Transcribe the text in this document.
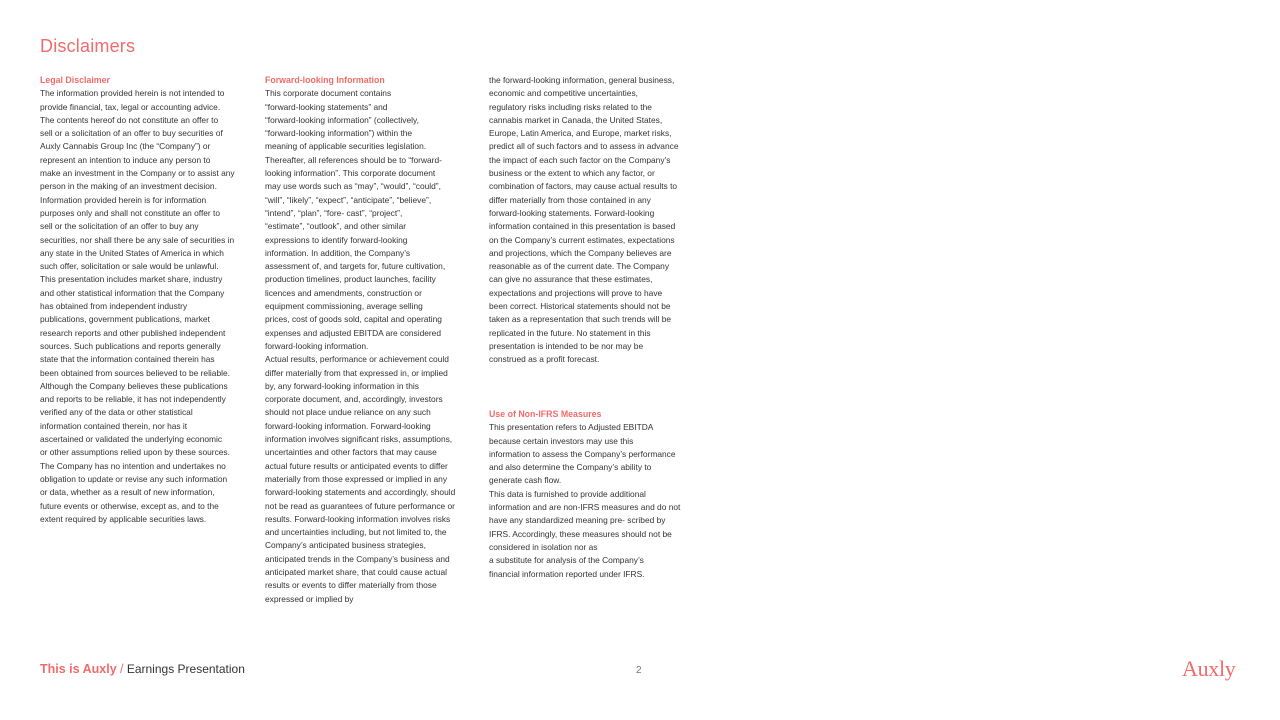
Disclaimers
Legal Disclaimer
The information provided herein is not intended to
provide financial, tax, legal or accounting advice.
The contents hereof do not constitute an offer to
sell or a solicitation of an offer to buy securities of
Auxly Cannabis Group Inc (the “Company”) or
represent an intention to induce any person to
make an investment in the Company or to assist any
person in the making of an investment decision.
Information provided herein is for information
purposes only and shall not constitute an offer to
sell or the solicitation of an offer to buy any
securities, nor shall there be any sale of securities in
any state in the United States of America in which
such offer, solicitation or sale would be unlawful.
This presentation includes market share, industry
and other statistical information that the Company
has obtained from independent industry
publications, government publications, market
research reports and other published independent
sources. Such publications and reports generally
state that the information contained therein has
been obtained from sources believed to be reliable.
Although the Company believes these publications
and reports to be reliable, it has not independently
verified any of the data or other statistical
information contained therein, nor has it
ascertained or validated the underlying economic
or other assumptions relied upon by these sources.
The Company has no intention and undertakes no
obligation to update or revise any such information
or data, whether as a result of new information,
future events or otherwise, except as, and to the
extent required by applicable securities laws.
Forward-looking Information
This corporate document contains
“forward-looking statements” and
“forward-looking information” (collectively,
“forward-looking information”) within the
meaning of applicable securities legislation.
Thereafter, all references should be to “forward-
looking information”. This corporate document
may use words such as “may”, “would”, “could”,
“will”, “likely”, “expect”, “anticipate”, “believe”,
“intend”, “plan”, “fore- cast”, “project”,
“estimate”, “outlook”, and other similar
expressions to identify forward-looking
information. In addition, the Company’s
assessment of, and targets for, future cultivation,
production timelines, product launches, facility
licences and amendments, construction or
equipment commissioning, average selling
prices, cost of goods sold, capital and operating
expenses and adjusted EBITDA are considered
forward-looking information.
Actual results, performance or achievement could
differ materially from that expressed in, or implied
by, any forward-looking information in this
corporate document, and, accordingly, investors
should not place undue reliance on any such
forward-looking information. Forward-looking
information involves significant risks, assumptions,
uncertainties and other factors that may cause
actual future results or anticipated events to differ
materially from those expressed or implied in any
forward-looking statements and accordingly, should
not be read as guarantees of future performance or
results. Forward-looking information involves risks
and uncertainties including, but not limited to, the
Company’s anticipated business strategies,
anticipated trends in the Company’s business and
anticipated market share, that could cause actual
results or events to differ materially from those
expressed or implied by
the forward-looking information, general business,
economic and competitive uncertainties,
regulatory risks including risks related to the
cannabis market in Canada, the United States,
Europe, Latin America, and Europe, market risks,
predict all of such factors and to assess in advance
the impact of each such factor on the Company’s
business or the extent to which any factor, or
combination of factors, may cause actual results to
differ materially from those contained in any
forward-looking statements. Forward-looking
information contained in this presentation is based
on the Company’s current estimates, expectations
and projections, which the Company believes are
reasonable as of the current date. The Company
can give no assurance that these estimates,
expectations and projections will prove to have
been correct. Historical statements should not be
taken as a representation that such trends will be
replicated in the future. No statement in this
presentation is intended to be nor may be
construed as a profit forecast.
Use of Non-IFRS Measures
This presentation refers to Adjusted EBITDA
because certain investors may use this
information to assess the Company’s performance
and also determine the Company’s ability to
generate cash flow.
This data is furnished to provide additional
information and are non-IFRS measures and do not
have any standardized meaning pre- scribed by
IFRS. Accordingly, these measures should not be
considered in isolation nor as
a substitute for analysis of the Company’s
financial information reported under IFRS.
This is Auxly / Earnings Presentation	2	Auxly
